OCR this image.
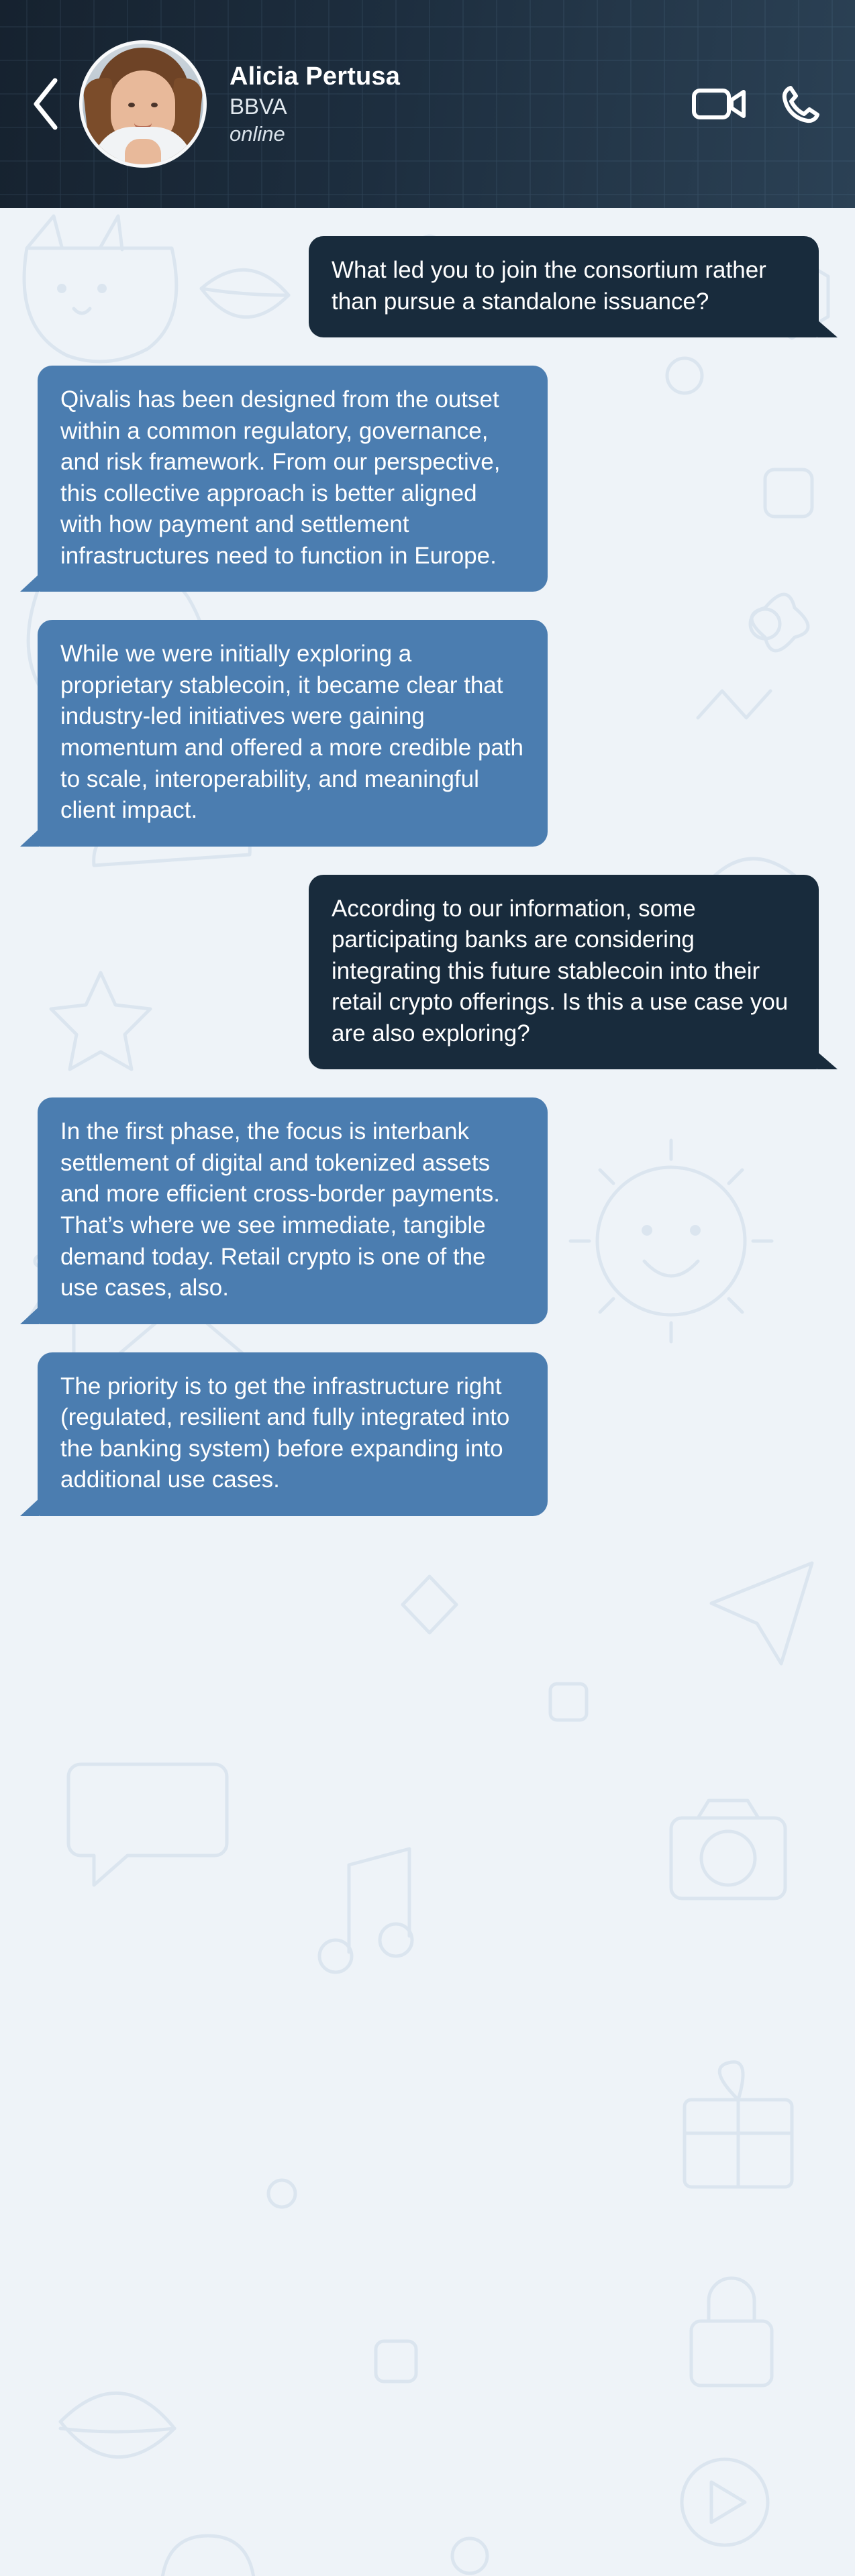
Alicia Pertusa
BBVA
online
What led you to join the consortium rather than pursue a standalone issuance?
Qivalis has been designed from the outset within a common regulatory, governance, and risk framework. From our perspective, this collective approach is better aligned with how payment and settlement infrastructures need to function in Europe.
While we were initially exploring a proprietary stablecoin, it became clear that industry-led initiatives were gaining momentum and offered a more credible path to scale, interoperability, and meaningful client impact.
According to our information, some participating banks are considering integrating this future stablecoin into their retail crypto offerings. Is this a use case you are also exploring?
In the first phase, the focus is interbank settlement of digital and tokenized assets and more efficient cross-border payments. That’s where we see immediate, tangible demand today. Retail crypto is one of the use cases, also.
The priority is to get the infrastructure right (regulated, resilient and fully integrated into the banking system) before expanding into additional use cases.
